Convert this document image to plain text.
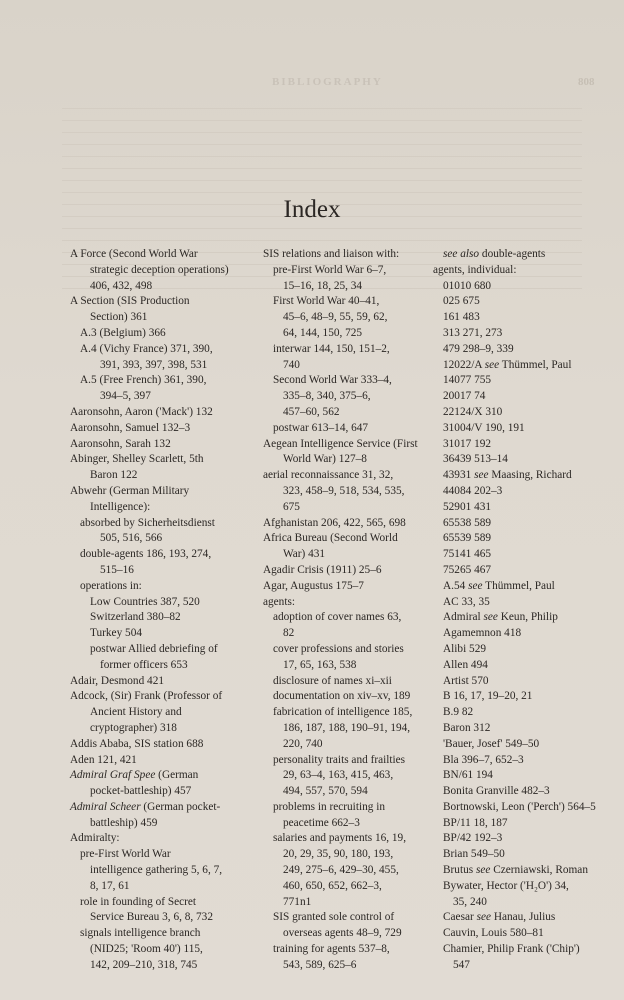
BIBLIOGRAPHY	808
Index
A Force (Second World War
strategic deception operations)
406, 432, 498
A Section (SIS Production
Section) 361
A.3 (Belgium) 366
A.4 (Vichy France) 371, 390,
391, 393, 397, 398, 531
A.5 (Free French) 361, 390,
394–5, 397
Aaronsohn, Aaron ('Mack') 132
Aaronsohn, Samuel 132–3
Aaronsohn, Sarah 132
Abinger, Shelley Scarlett, 5th
Baron 122
Abwehr (German Military
Intelligence):
absorbed by Sicherheitsdienst
505, 516, 566
double-agents 186, 193, 274,
515–16
operations in:
Low Countries 387, 520
Switzerland 380–82
Turkey 504
postwar Allied debriefing of
former officers 653
Adair, Desmond 421
Adcock, (Sir) Frank (Professor of
Ancient History and
cryptographer) 318
Addis Ababa, SIS station 688
Aden 121, 421
Admiral Graf Spee (German
pocket-battleship) 457
Admiral Scheer (German pocket-
battleship) 459
Admiralty:
pre-First World War
intelligence gathering 5, 6, 7,
8, 17, 61
role in founding of Secret
Service Bureau 3, 6, 8, 732
signals intelligence branch
(NID25; 'Room 40') 115,
142, 209–210, 318, 745
SIS relations and liaison with:
pre-First World War 6–7,
15–16, 18, 25, 34
First World War 40–41,
45–6, 48–9, 55, 59, 62,
64, 144, 150, 725
interwar 144, 150, 151–2,
740
Second World War 333–4,
335–8, 340, 375–6,
457–60, 562
postwar 613–14, 647
Aegean Intelligence Service (First
World War) 127–8
aerial reconnaissance 31, 32,
323, 458–9, 518, 534, 535,
675
Afghanistan 206, 422, 565, 698
Africa Bureau (Second World
War) 431
Agadir Crisis (1911) 25–6
Agar, Augustus 175–7
agents:
adoption of cover names 63,
82
cover professions and stories
17, 65, 163, 538
disclosure of names xi–xii
documentation on xiv–xv, 189
fabrication of intelligence 185,
186, 187, 188, 190–91, 194,
220, 740
personality traits and frailties
29, 63–4, 163, 415, 463,
494, 557, 570, 594
problems in recruiting in
peacetime 662–3
salaries and payments 16, 19,
20, 29, 35, 90, 180, 193,
249, 275–6, 429–30, 455,
460, 650, 652, 662–3,
771n1
SIS granted sole control of
overseas agents 48–9, 729
training for agents 537–8,
543, 589, 625–6
see also double-agents
agents, individual:
01010 680
025 675
161 483
313 271, 273
479 298–9, 339
12022/A see Thümmel, Paul
14077 755
20017 74
22124/X 310
31004/V 190, 191
31017 192
36439 513–14
43931 see Maasing, Richard
44084 202–3
52901 431
65538 589
65539 589
75141 465
75265 467
A.54 see Thümmel, Paul
AC 33, 35
Admiral see Keun, Philip
Agamemnon 418
Alibi 529
Allen 494
Artist 570
B 16, 17, 19–20, 21
B.9 82
Baron 312
'Bauer, Josef' 549–50
Bla 396–7, 652–3
BN/61 194
Bonita Granville 482–3
Bortnowski, Leon ('Perch') 564–5
BP/11 18, 187
BP/42 192–3
Brian 549–50
Brutus see Czerniawski, Roman
Bywater, Hector ('H₂O') 34,
35, 240
Caesar see Hanau, Julius
Cauvin, Louis 580–81
Chamier, Philip Frank ('Chip')
547
